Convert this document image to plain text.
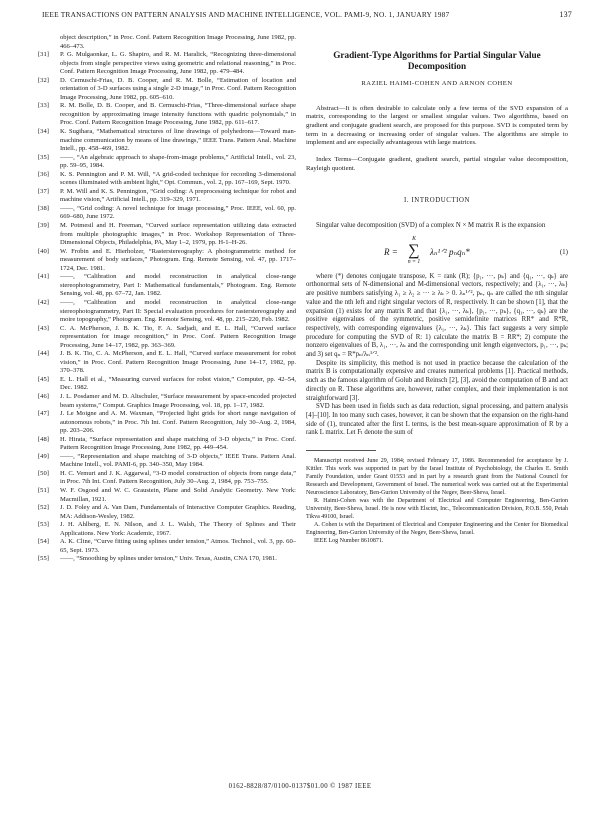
IEEE TRANSACTIONS ON PATTERN ANALYSIS AND MACHINE INTELLIGENCE, VOL. PAMI-9, NO. 1, JANUARY 1987	137
object description,” in Proc. Conf. Pattern Recognition Image Processing, June 1982, pp. 466–473.
[31] P. G. Mulgaonkar, L. G. Shapiro, and R. M. Haralick, “Recognizing three-dimensional objects from single perspective views using geometric and relational reasoning,” in Proc. Conf. Pattern Recognition Image Processing, June 1982, pp. 479–484.
[32] D. Cernuschi-Frias, D. B. Cooper, and R. M. Bolle, “Estimation of location and orientation of 3-D surfaces using a single 2-D image,” in Proc. Conf. Pattern Recognition Image Processing, June 1982, pp. 605–610.
[33] R. M. Bolle, D. B. Cooper, and B. Cernuschi-Frias, “Three-dimensional surface shape recognition by approximating image intensity functions with quadric polynomials,” in Proc. Conf. Pattern Recognition Image Processing, June 1982, pp. 611–617.
[34] K. Sugihara, “Mathematical structures of line drawings of polyhedrons—Toward man-machine communication by means of line drawings,” IEEE Trans. Pattern Anal. Machine Intell., pp. 458–469, 1982.
[35] ——, “An algebraic approach to shape-from-image problems,” Artificial Intell., vol. 23, pp. 59–95, 1984.
[36] K. S. Pennington and P. M. Will, “A grid-coded technique for recording 3-dimensional scenes illuminated with ambient light,” Opt. Commun., vol. 2, pp. 167–169, Sept. 1970.
[37] P. M. Will and K. S. Pennington, “Grid coding: A preprocessing technique for robot and machine vision,” Artificial Intell., pp. 319–329, 1971.
[38] ——, “Grid coding: A novel technique for image processing,” Proc. IEEE, vol. 60, pp. 669–680, June 1972.
[39] M. Potmesil and H. Freeman, “Curved surface representation utilizing data extracted from multiple photographic images,” in Proc. Workshop Representation of Three-Dimensional Objects, Philadelphia, PA, May 1–2, 1979, pp. H-1–H-26.
[40] W. Frobin and E. Hierholzer, “Rasterstereography: A photogrammetric method for measurement of body surfaces,” Photogram. Eng. Remote Sensing, vol. 47, pp. 1717–1724, Dec. 1981.
[41] ——, “Calibration and model reconstruction in analytical close-range stereophotogrammetry, Part I: Mathematical fundamentals,” Photogram. Eng. Remote Sensing, vol. 48, pp. 67–72, Jan. 1982.
[42] ——, “Calibration and model reconstruction in analytical close-range stereophotogrammetry, Part II: Special evaluation procedures for rasterstereography and moire topography,” Photogram. Eng. Remote Sensing, vol. 48, pp. 215–220, Feb. 1982.
[43] C. A. McPherson, J. B. K. Tio, F. A. Sadjadi, and E. L. Hall, “Curved surface representation for image recognition,” in Proc. Conf. Pattern Recognition Image Processing, June 14–17, 1982, pp. 363–369.
[44] J. B. K. Tio, C. A. McPherson, and E. L. Hall, “Curved surface measurement for robot vision,” in Proc. Conf. Pattern Recognition Image Processing, June 14–17, 1982, pp. 370–378.
[45] E. L. Hall et al., “Measuring curved surfaces for robot vision,” Computer, pp. 42–54, Dec. 1982.
[46] J. L. Posdamer and M. D. Altschuler, “Surface measurement by space-encoded projected beam systems,” Comput. Graphics Image Processing, vol. 18, pp. 1–17, 1982.
[47] J. Le Moigne and A. M. Waxman, “Projected light grids for short range navigation of autonomous robots,” in Proc. 7th Int. Conf. Pattern Recognition, July 30–Aug. 2, 1984, pp. 203–206.
[48] H. Hirata, “Surface representation and shape matching of 3-D objects,” in Proc. Conf. Pattern Recognition Image Processing, June 1982, pp. 449–454.
[49] ——, “Representation and shape matching of 3-D objects,” IEEE Trans. Pattern Anal. Machine Intell., vol. PAMI-6, pp. 340–350, May 1984.
[50] H. C. Vemuri and J. K. Aggarwal, “3-D model construction of objects from range data,” in Proc. 7th Int. Conf. Pattern Recognition, July 30–Aug. 2, 1984, pp. 753–755.
[51] W. F. Osgood and W. C. Graustein, Plane and Solid Analytic Geometry. New York: Macmillan, 1921.
[52] J. D. Foley and A. Van Dam, Fundamentals of Interactive Computer Graphics. Reading, MA: Addison-Wesley, 1982.
[53] J. H. Ahlberg, E. N. Nilson, and J. L. Walsh, The Theory of Splines and Their Applications. New York: Academic, 1967.
[54] A. K. Cline, “Curve fitting using splines under tension,” Atmos. Technol., vol. 3, pp. 60–65, Sept. 1973.
[55] ——, “Smoothing by splines under tension,” Univ. Texas, Austin, CNA 170, 1981.
Gradient-Type Algorithms for Partial Singular Value Decomposition
RAZIEL HAIMI-COHEN AND ARNON COHEN
Abstract—It is often desirable to calculate only a few terms of the SVD expansion of a matrix, corresponding to the largest or smallest singular values. Two algorithms, based on gradient and conjugate gradient search, are proposed for this purpose. SVD is computed term by term in a decreasing or increasing order of singular values. The algorithms are simple to implement and are especially advantageous with large matrices.
Index Terms—Conjugate gradient, gradient search, partial singular value decomposition, Rayleigh quotient.
I. INTRODUCTION
Singular value decomposition (SVD) of a complex N × M matrix R is the expansion
R =
K
∑
n = 1
λₙ¹ᐟ² pₙqₙ*	(1)
where (*) denotes conjugate transpose, K = rank (R); {p₁, ···, pₖ} and {q₁, ···, qₖ} are orthonormal sets of N-dimensional and M-dimensional vectors, respectively; and {λ₁, ···, λₖ} are positive numbers satisfying λ₁ ≥ λ₂ ≥ ··· ≥ λₖ > 0. λₙ¹ᐟ², pₙ, qₙ are called the nth singular value and the nth left and right singular vectors of R, respectively. It can be shown [1], that the expansion (1) exists for any matrix R and that {λ₁, ···, λₖ}, {p₁, ···, pₖ}, {q₁, ···, qₖ} are the positive eigenvalues of the symmetric, positive semidefinite matrices RR* and R*R, respectively, with corresponding eigenvalues {λ₁, ···, λₖ}. This fact suggests a very simple procedure for computing the SVD of R: 1) calculate the matrix B = RR*; 2) compute the nonzero eigenvalues of B, λ₁, ···, λₖ and the corresponding unit length eigenvectors, p₁, ···, pₖ; and 3) set qₙ = R*pₙ/λₙ¹ᐟ².
Despite its simplicity, this method is not used in practice because the calculation of the matrix B is computationally expensive and creates numerical problems [1]. Practical methods, such as the famous algorithm of Golub and Reinsch [2], [3], avoid the computation of B and act directly on R. These algorithms are, however, rather complex, and their implementation is not straightforward [3].
SVD has been used in fields such as data reduction, signal processing, and pattern analysis [4]–[10]. In too many such cases, however, it can be shown that the expansion on the right-hand side of (1), truncated after the first L terms, is the best mean-square approximation of R by a rank L matrix. Let Fₗ denote the sum of
Manuscript received June 29, 1984; revised February 17, 1986. Recommended for acceptance by J. Kittler. This work was supported in part by the Israel Institute of Psychobiology, the Charles E. Smith Family Foundation, under Grant 01553 and in part by a research grant from the National Council for Research and Development, Government of Israel. The numerical work was carried out at the Experimental Neuroscience Laboratory, Ben-Gurion University of the Negev, Beer-Sheva, Israel.
R. Haimi-Cohen was with the Department of Electrical and Computer Engineering, Ben-Gurion University, Beer-Sheva, Israel. He is now with Elscint, Inc., Telecommunication Division, P.O.B. 550, Petah Tikva 49100, Israel.
A. Cohen is with the Department of Electrical and Computer Engineering and the Center for Biomedical Engineering, Ben-Gurion University of the Negev, Beer-Sheva, Israel.
IEEE Log Number 8610871.
0162-8828/87/0100-0137$01.00 © 1987 IEEE
